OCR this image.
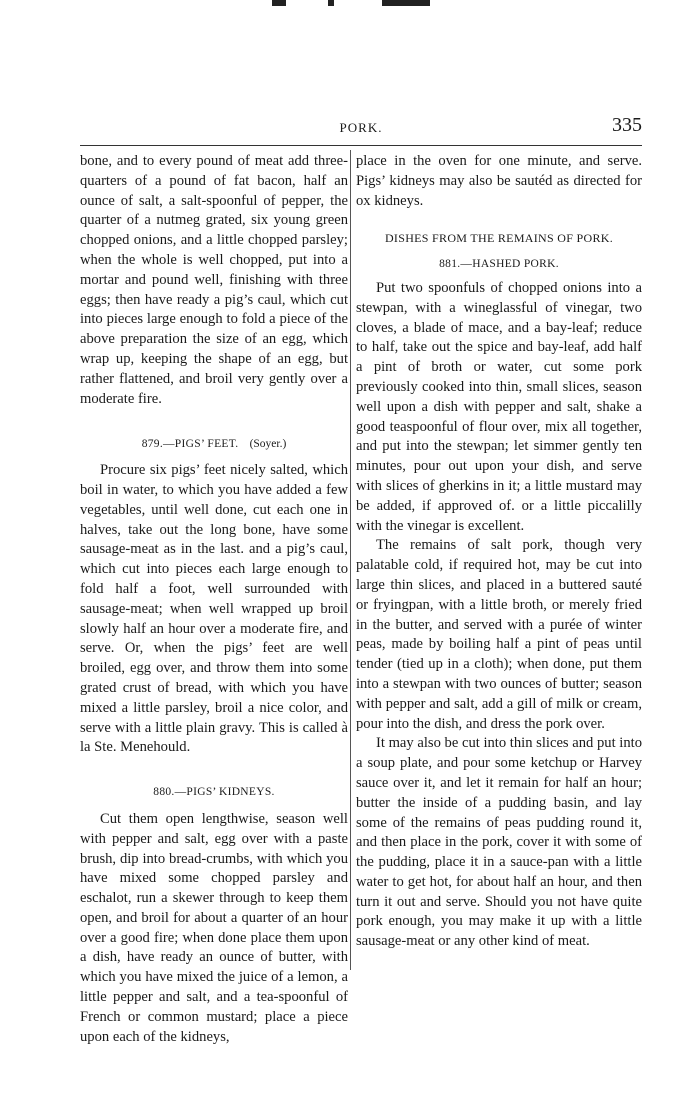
PORK.	335

bone, and to every pound of meat add three-quarters of a pound of fat bacon, half an ounce of salt, a salt-spoonful of pepper, the quarter of a nutmeg grated, six young green chopped onions, and a little chopped parsley; when the whole is well chopped, put into a mortar and pound well, finishing with three eggs; then have ready a pig’s caul, which cut into pieces large enough to fold a piece of the above preparation the size of an egg, which wrap up, keeping the shape of an egg, but rather flattened, and broil very gently over a moderate fire.

879.—PIGS’ FEET. (Soyer.)

Procure six pigs’ feet nicely salted, which boil in water, to which you have added a few vegetables, until well done, cut each one in halves, take out the long bone, have some sausage-meat as in the last. and a pig’s caul, which cut into pieces each large enough to fold half a foot, well surrounded with sausage-meat; when well wrapped up broil slowly half an hour over a moderate fire, and serve. Or, when the pigs’ feet are well broiled, egg over, and throw them into some grated crust of bread, with which you have mixed a little parsley, broil a nice color, and serve with a little plain gravy. This is called à la Ste. Menehould.

880.—PIGS’ KIDNEYS.

Cut them open lengthwise, season well with pepper and salt, egg over with a paste brush, dip into bread-crumbs, with which you have mixed some chopped parsley and eschalot, run a skewer through to keep them open, and broil for about a quarter of an hour over a good fire; when done place them upon a dish, have ready an ounce of butter, with which you have mixed the juice of a lemon, a little pepper and salt, and a tea-spoonful of French or common mustard; place a piece upon each of the kidneys,

place in the oven for one minute, and serve. Pigs’ kidneys may also be sautéd as directed for ox kidneys.

DISHES FROM THE REMAINS OF PORK.
881.—HASHED PORK.

Put two spoonfuls of chopped onions into a stewpan, with a wineglassful of vinegar, two cloves, a blade of mace, and a bay-leaf; reduce to half, take out the spice and bay-leaf, add half a pint of broth or water, cut some pork previously cooked into thin, small slices, season well upon a dish with pepper and salt, shake a good teaspoonful of flour over, mix all together, and put into the stewpan; let simmer gently ten minutes, pour out upon your dish, and serve with slices of gherkins in it; a little mustard may be added, if approved of. or a little piccalilly with the vinegar is excellent.

The remains of salt pork, though very palatable cold, if required hot, may be cut into large thin slices, and placed in a buttered sauté or fryingpan, with a little broth, or merely fried in the butter, and served with a purée of winter peas, made by boiling half a pint of peas until tender (tied up in a cloth); when done, put them into a stewpan with two ounces of butter; season with pepper and salt, add a gill of milk or cream, pour into the dish, and dress the pork over.

It may also be cut into thin slices and put into a soup plate, and pour some ketchup or Harvey sauce over it, and let it remain for half an hour; butter the inside of a pudding basin, and lay some of the remains of peas pudding round it, and then place in the pork, cover it with some of the pudding, place it in a sauce-pan with a little water to get hot, for about half an hour, and then turn it out and serve. Should you not have quite pork enough, you may make it up with a little sausage-meat or any other kind of meat.
